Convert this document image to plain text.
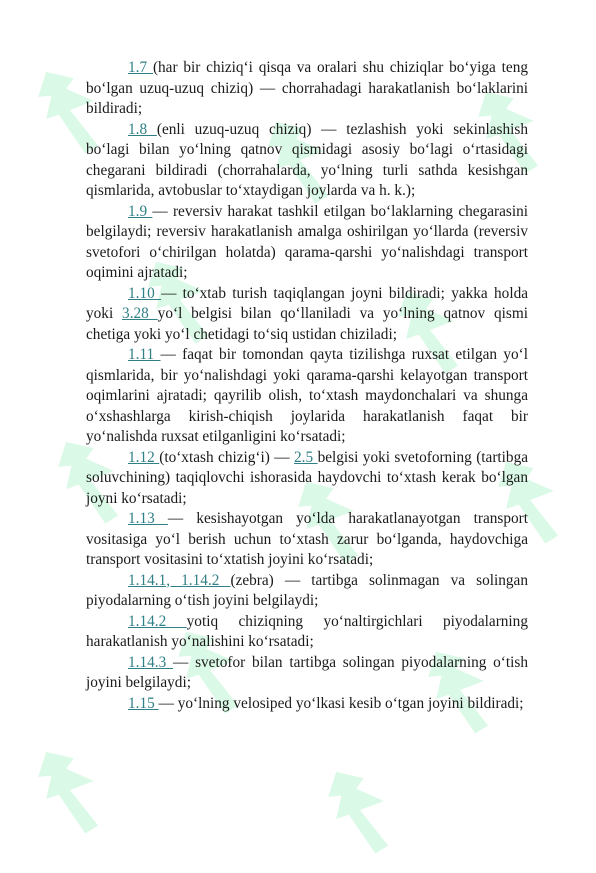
1.7 (har bir chiziqʻi qisqa va oralari shu chiziqlar boʻyiga teng boʻlgan uzuq-uzuq chiziq) — chorrahadagi harakatlanish boʻlaklarini bildiradi;

1.8 (enli uzuq-uzuq chiziq) — tezlashish yoki sekinlashish boʻlagi bilan yoʻlning qatnov qismidagi asosiy boʻlagi oʻrtasidagi chegarani bildiradi (chorrahalarda, yoʻlning turli sathda kesishgan qismlarida, avtobuslar toʻxtaydigan joylarda va h. k.);

1.9 — reversiv harakat tashkil etilgan boʻlaklarning chegarasini belgilaydi; reversiv harakatlanish amalga oshirilgan yoʻllarda (reversiv svetofori oʻchirilgan holatda) qarama-qarshi yoʻnalishdagi transport oqimini ajratadi;

1.10 — toʻxtab turish taqiqlangan joyni bildiradi; yakka holda yoki 3.28 yoʻl belgisi bilan qoʻllaniladi va yoʻlning qatnov qismi chetiga yoki yoʻl chetidagi toʻsiq ustidan chiziladi;

1.11 — faqat bir tomondan qayta tizilishga ruxsat etilgan yoʻl qismlarida, bir yoʻnalishdagi yoki qarama-qarshi kelayotgan transport oqimlarini ajratadi; qayrilib olish, toʻxtash maydonchalari va shunga oʻxshashlarga kirish-chiqish joylarida harakatlanish faqat bir yoʻnalishda ruxsat etilganligini koʻrsatadi;

1.12 (toʻxtash chizigʻi) — 2.5 belgisi yoki svetoforning (tartibga soluvchining) taqiqlovchi ishorasida haydovchi toʻxtash kerak boʻlgan joyni koʻrsatadi;

1.13 — kesishayotgan yoʻlda harakatlanayotgan transport vositasiga yoʻl berish uchun toʻxtash zarur boʻlganda, haydovchiga transport vositasini toʻxtatish joyini koʻrsatadi;

1.14.1, 1.14.2 (zebra) — tartibga solinmagan va solingan piyodalarning oʻtish joyini belgilaydi;

1.14.2 yotiq chiziqning yoʻnaltirgichlari piyodalarning harakatlanish yoʻnalishini koʻrsatadi;

1.14.3 — svetofor bilan tartibga solingan piyodalarning oʻtish joyini belgilaydi;

1.15 — yoʻlning velosiped yoʻlkasi kesib oʻtgan joyini bildiradi;
